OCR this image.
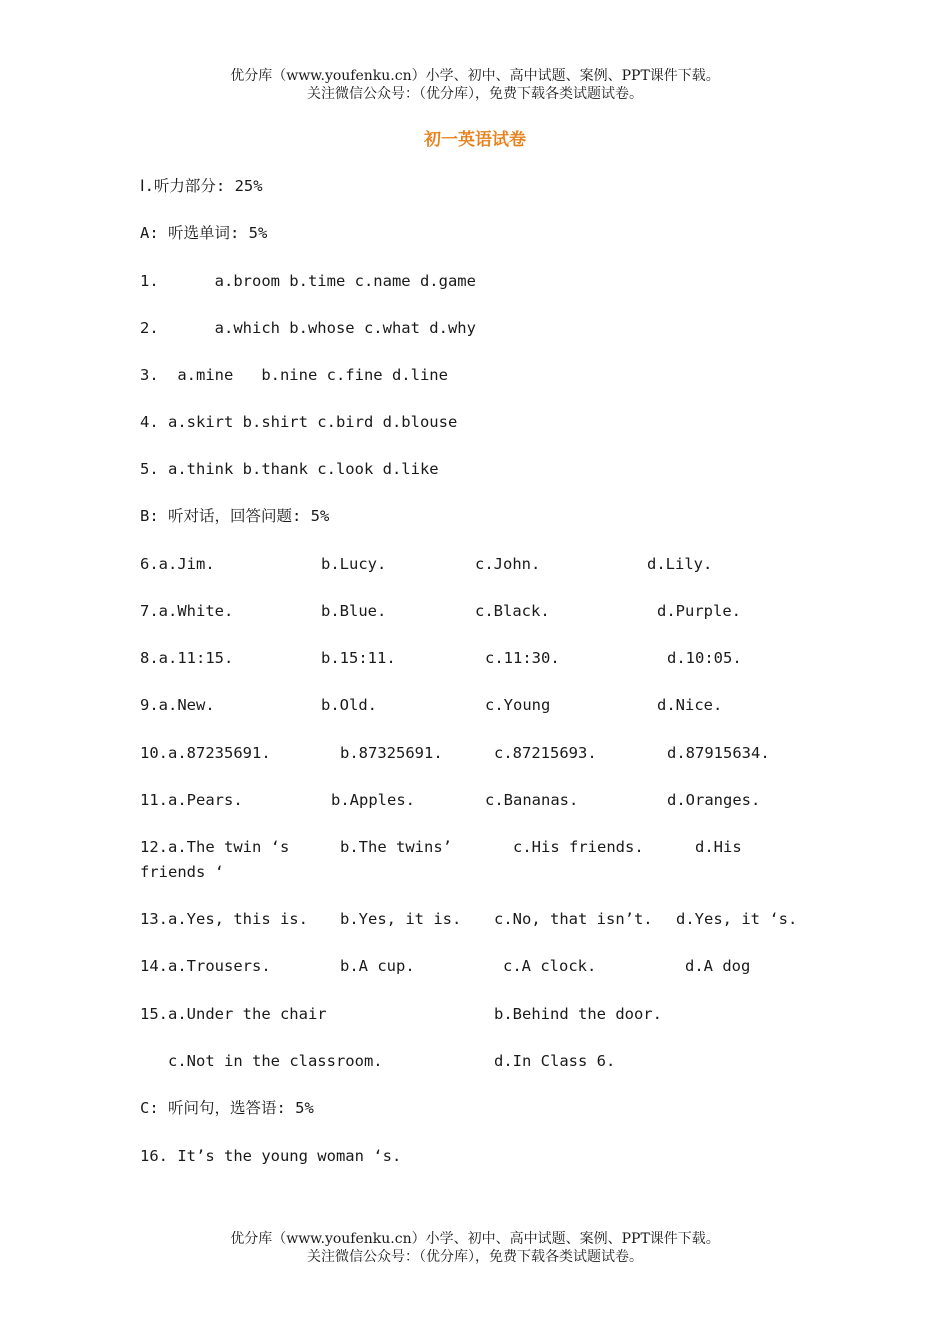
优分库（www.youfenku.cn）小学、初中、高中试题、案例、PPT课件下载。
关注微信公众号：（优分库），免费下载各类试题试卷。
初一英语试卷
Ⅰ.听力部分: 25%
A: 听选单词: 5%
1.      a.broom b.time c.name d.game
2.      a.which b.whose c.what d.why
3.  a.mine   b.nine c.fine d.line
4. a.skirt b.shirt c.bird d.blouse
5. a.think b.thank c.look d.like
B: 听对话，回答问题: 5%
6.a.Jim.	b.Lucy.	c.John.	d.Lily.
7.a.White.	b.Blue.	c.Black.	d.Purple.
8.a.11:15.	b.15:11.	c.11:30.	d.10:05.
9.a.New.	b.Old.	c.Young	d.Nice.
10.a.87235691.	b.87325691.	c.87215693.	d.87915634.
11.a.Pears.	b.Apples.	c.Bananas.	d.Oranges.
12.a.The twin ‘s	b.The twins’	c.His friends.	d.His
friends ‘
13.a.Yes, this is. b.Yes, it is. c.No, that isn’t. d.Yes, it ‘s.
14.a.Trousers.	b.A cup.	c.A clock.	d.A dog
15.a.Under the chair	b.Behind the door.
c.Not in the classroom.	d.In Class 6.
C: 听问句，选答语: 5%
16. It’s the young woman ‘s.
优分库（www.youfenku.cn）小学、初中、高中试题、案例、PPT课件下载。
关注微信公众号：（优分库），免费下载各类试题试卷。
